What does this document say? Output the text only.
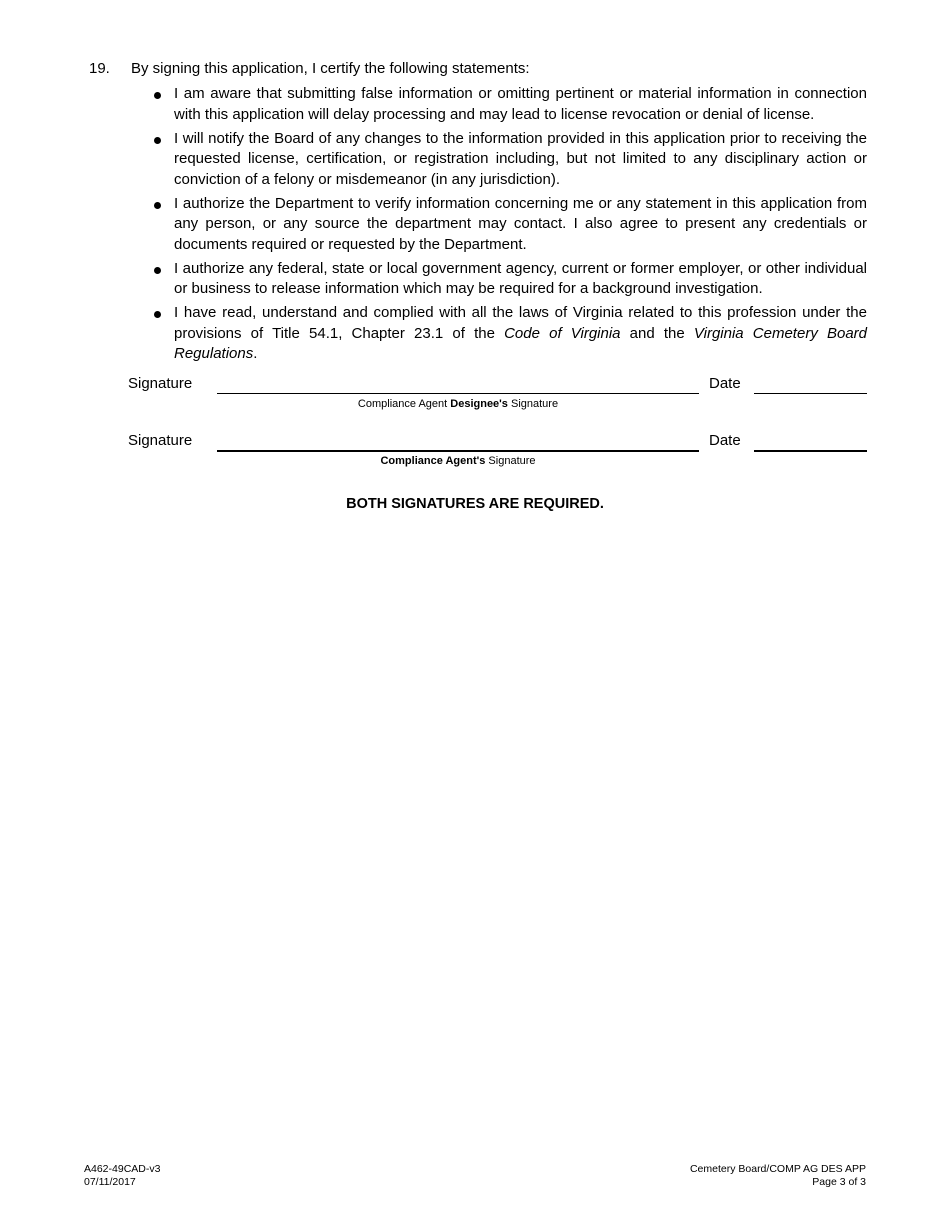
19. By signing this application, I certify the following statements:
I am aware that submitting false information or omitting pertinent or material information in connection with this application will delay processing and may lead to license revocation or denial of license.
I will notify the Board of any changes to the information provided in this application prior to receiving the requested license, certification, or registration including, but not limited to any disciplinary action or conviction of a felony or misdemeanor (in any jurisdiction).
I authorize the Department to verify information concerning me or any statement in this application from any person, or any source the department may contact. I also agree to present any credentials or documents required or requested by the Department.
I authorize any federal, state or local government agency, current or former employer, or other individual or business to release information which may be required for a background investigation.
I have read, understand and complied with all the laws of Virginia related to this profession under the provisions of Title 54.1, Chapter 23.1 of the Code of Virginia and the Virginia Cemetery Board Regulations.
Signature	Date
Compliance Agent Designee's Signature
Signature	Date
Compliance Agent's Signature
BOTH SIGNATURES ARE REQUIRED.
A462-49CAD-v3
07/11/2017
Cemetery Board/COMP AG DES APP
Page 3 of 3
